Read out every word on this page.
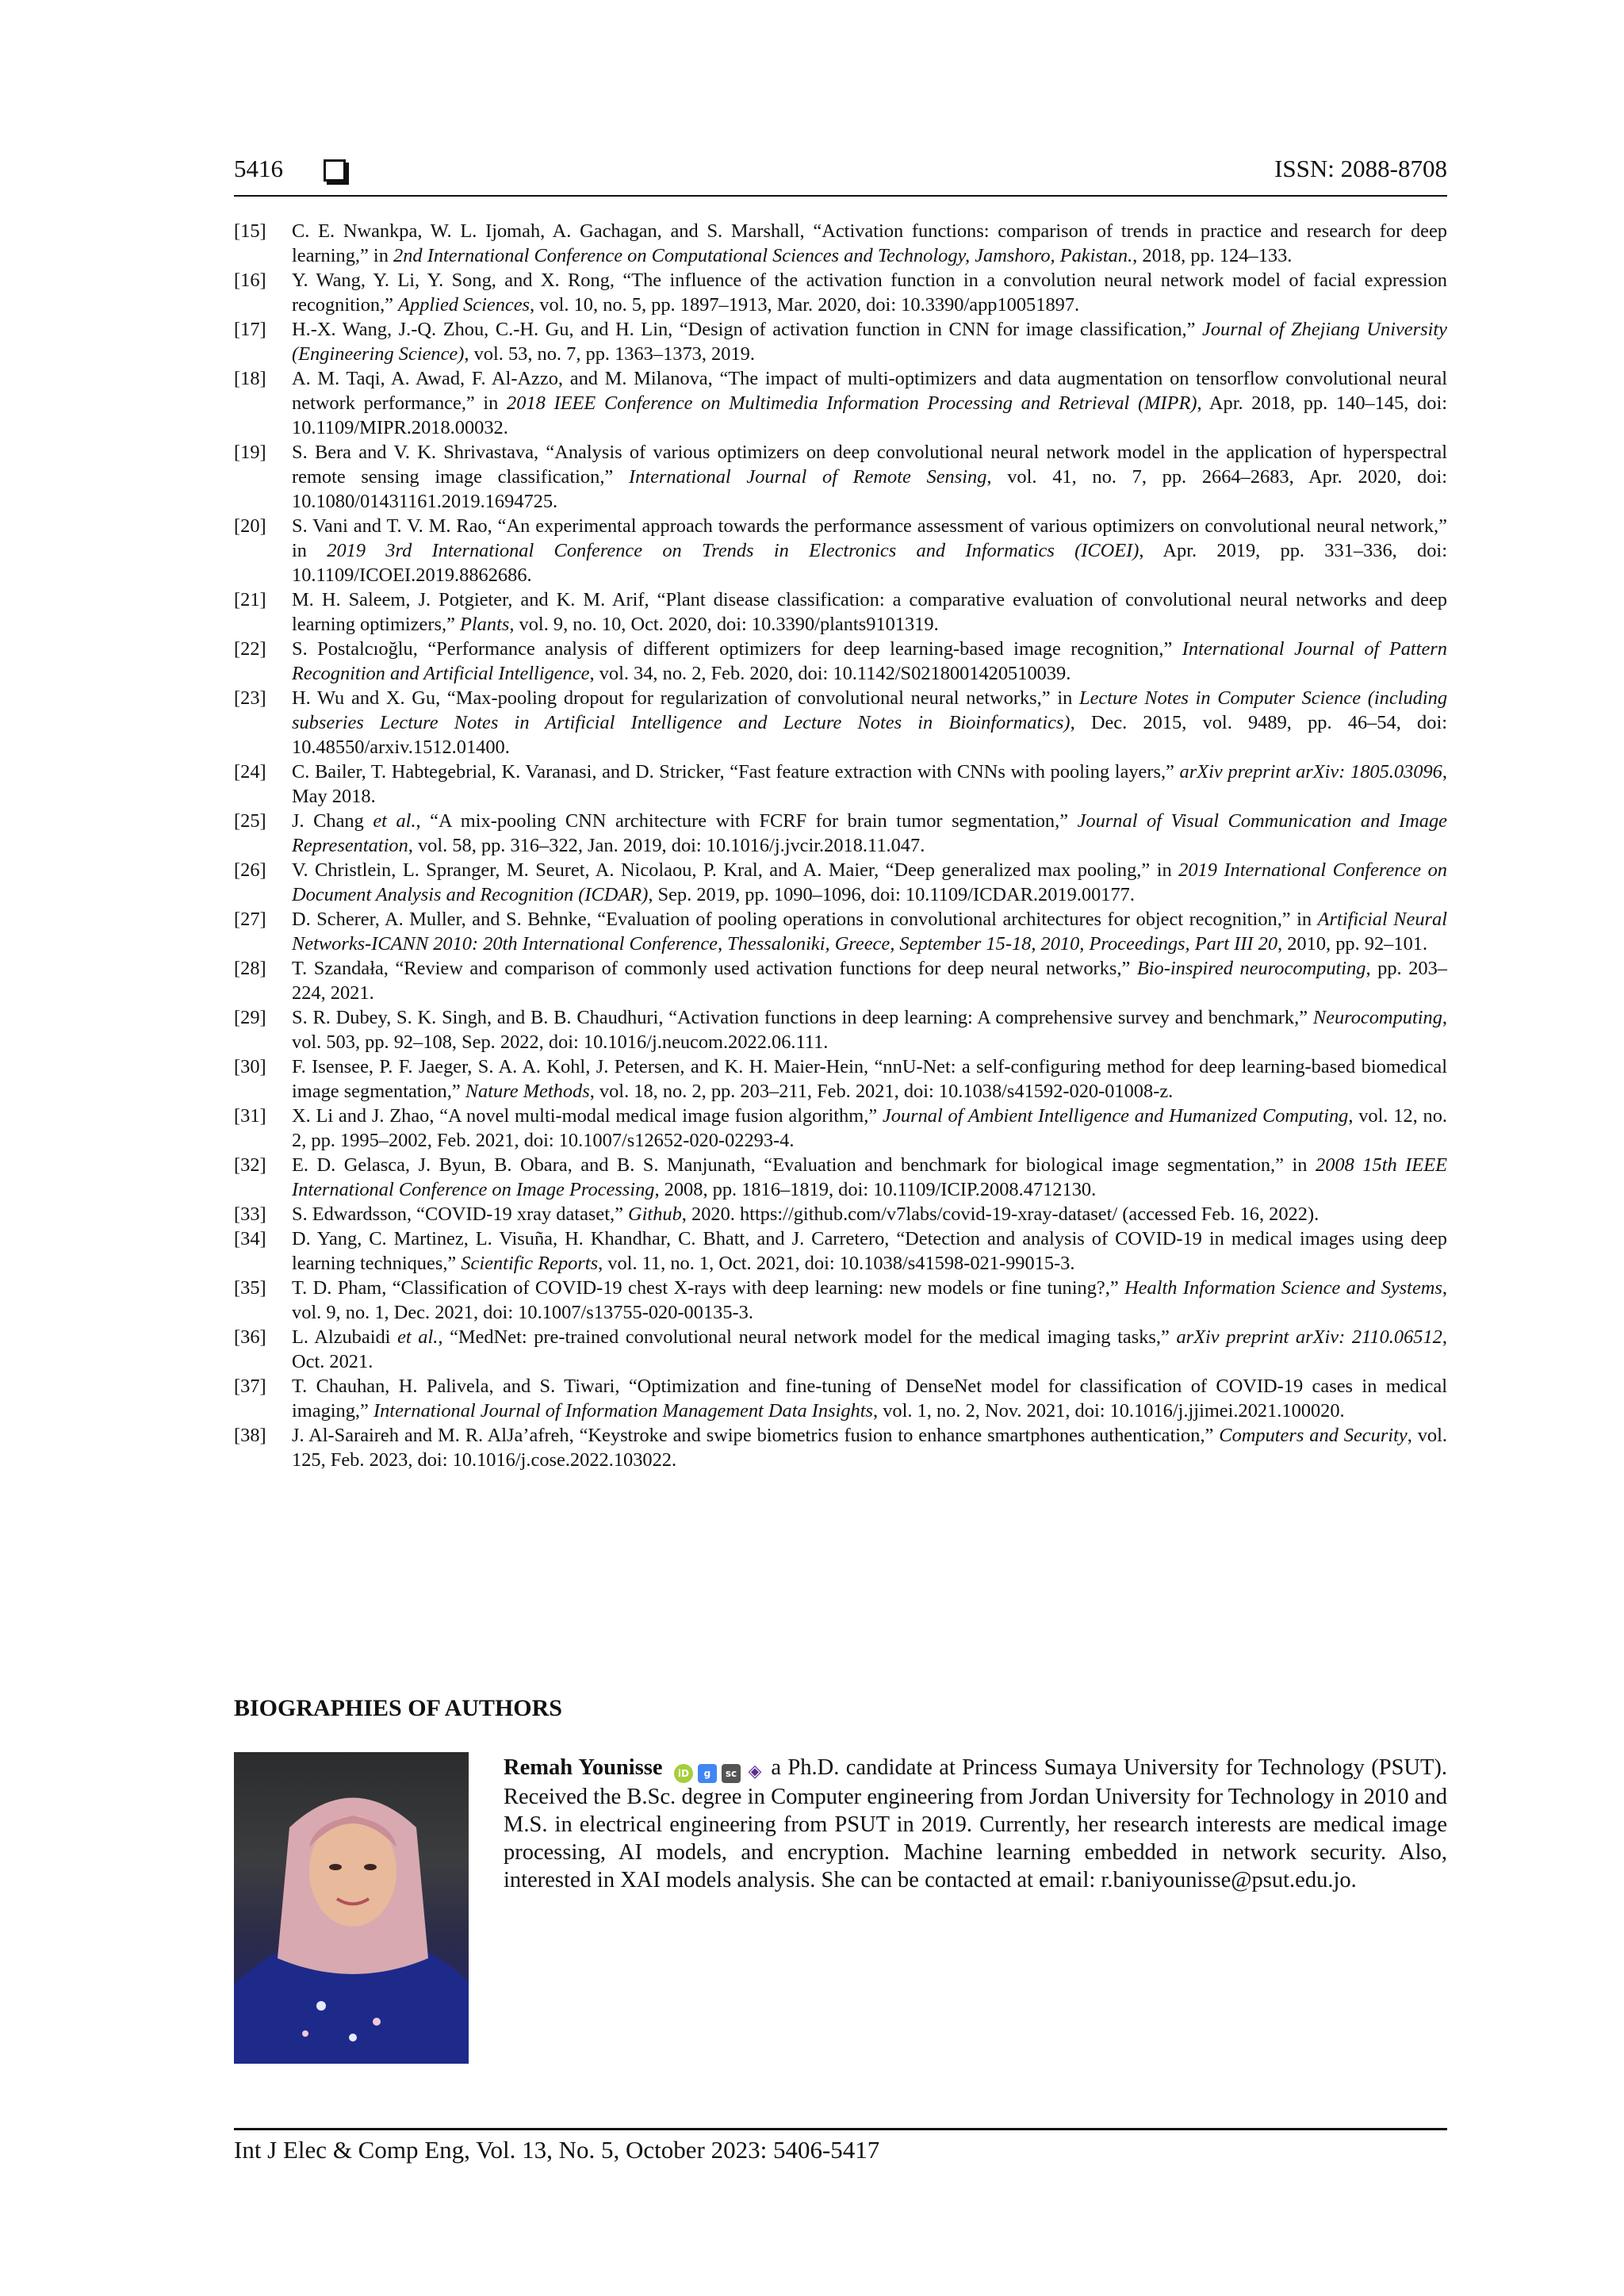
5416	ISSN: 2088-8708
[15]	C. E. Nwankpa, W. L. Ijomah, A. Gachagan, and S. Marshall, “Activation functions: comparison of trends in practice and research for deep learning,” in 2nd International Conference on Computational Sciences and Technology, Jamshoro, Pakistan., 2018, pp. 124–133.
[16]	Y. Wang, Y. Li, Y. Song, and X. Rong, “The influence of the activation function in a convolution neural network model of facial expression recognition,” Applied Sciences, vol. 10, no. 5, pp. 1897–1913, Mar. 2020, doi: 10.3390/app10051897.
[17]	H.-X. Wang, J.-Q. Zhou, C.-H. Gu, and H. Lin, “Design of activation function in CNN for image classification,” Journal of Zhejiang University (Engineering Science), vol. 53, no. 7, pp. 1363–1373, 2019.
[18]	A. M. Taqi, A. Awad, F. Al-Azzo, and M. Milanova, “The impact of multi-optimizers and data augmentation on tensorflow convolutional neural network performance,” in 2018 IEEE Conference on Multimedia Information Processing and Retrieval (MIPR), Apr. 2018, pp. 140–145, doi: 10.1109/MIPR.2018.00032.
[19]	S. Bera and V. K. Shrivastava, “Analysis of various optimizers on deep convolutional neural network model in the application of hyperspectral remote sensing image classification,” International Journal of Remote Sensing, vol. 41, no. 7, pp. 2664–2683, Apr. 2020, doi: 10.1080/01431161.2019.1694725.
[20]	S. Vani and T. V. M. Rao, “An experimental approach towards the performance assessment of various optimizers on convolutional neural network,” in 2019 3rd International Conference on Trends in Electronics and Informatics (ICOEI), Apr. 2019, pp. 331–336, doi: 10.1109/ICOEI.2019.8862686.
[21]	M. H. Saleem, J. Potgieter, and K. M. Arif, “Plant disease classification: a comparative evaluation of convolutional neural networks and deep learning optimizers,” Plants, vol. 9, no. 10, Oct. 2020, doi: 10.3390/plants9101319.
[22]	S. Postalcıoğlu, “Performance analysis of different optimizers for deep learning-based image recognition,” International Journal of Pattern Recognition and Artificial Intelligence, vol. 34, no. 2, Feb. 2020, doi: 10.1142/S0218001420510039.
[23]	H. Wu and X. Gu, “Max-pooling dropout for regularization of convolutional neural networks,” in Lecture Notes in Computer Science (including subseries Lecture Notes in Artificial Intelligence and Lecture Notes in Bioinformatics), Dec. 2015, vol. 9489, pp. 46–54, doi: 10.48550/arxiv.1512.01400.
[24]	C. Bailer, T. Habtegebrial, K. Varanasi, and D. Stricker, “Fast feature extraction with CNNs with pooling layers,” arXiv preprint arXiv: 1805.03096, May 2018.
[25]	J. Chang et al., “A mix-pooling CNN architecture with FCRF for brain tumor segmentation,” Journal of Visual Communication and Image Representation, vol. 58, pp. 316–322, Jan. 2019, doi: 10.1016/j.jvcir.2018.11.047.
[26]	V. Christlein, L. Spranger, M. Seuret, A. Nicolaou, P. Kral, and A. Maier, “Deep generalized max pooling,” in 2019 International Conference on Document Analysis and Recognition (ICDAR), Sep. 2019, pp. 1090–1096, doi: 10.1109/ICDAR.2019.00177.
[27]	D. Scherer, A. Muller, and S. Behnke, “Evaluation of pooling operations in convolutional architectures for object recognition,” in Artificial Neural Networks-ICANN 2010: 20th International Conference, Thessaloniki, Greece, September 15-18, 2010, Proceedings, Part III 20, 2010, pp. 92–101.
[28]	T. Szandała, “Review and comparison of commonly used activation functions for deep neural networks,” Bio-inspired neurocomputing, pp. 203–224, 2021.
[29]	S. R. Dubey, S. K. Singh, and B. B. Chaudhuri, “Activation functions in deep learning: A comprehensive survey and benchmark,” Neurocomputing, vol. 503, pp. 92–108, Sep. 2022, doi: 10.1016/j.neucom.2022.06.111.
[30]	F. Isensee, P. F. Jaeger, S. A. A. Kohl, J. Petersen, and K. H. Maier-Hein, “nnU-Net: a self-configuring method for deep learning-based biomedical image segmentation,” Nature Methods, vol. 18, no. 2, pp. 203–211, Feb. 2021, doi: 10.1038/s41592-020-01008-z.
[31]	X. Li and J. Zhao, “A novel multi-modal medical image fusion algorithm,” Journal of Ambient Intelligence and Humanized Computing, vol. 12, no. 2, pp. 1995–2002, Feb. 2021, doi: 10.1007/s12652-020-02293-4.
[32]	E. D. Gelasca, J. Byun, B. Obara, and B. S. Manjunath, “Evaluation and benchmark for biological image segmentation,” in 2008 15th IEEE International Conference on Image Processing, 2008, pp. 1816–1819, doi: 10.1109/ICIP.2008.4712130.
[33]	S. Edwardsson, “COVID-19 xray dataset,” Github, 2020. https://github.com/v7labs/covid-19-xray-dataset/ (accessed Feb. 16, 2022).
[34]	D. Yang, C. Martinez, L. Visuña, H. Khandhar, C. Bhatt, and J. Carretero, “Detection and analysis of COVID-19 in medical images using deep learning techniques,” Scientific Reports, vol. 11, no. 1, Oct. 2021, doi: 10.1038/s41598-021-99015-3.
[35]	T. D. Pham, “Classification of COVID-19 chest X-rays with deep learning: new models or fine tuning?,” Health Information Science and Systems, vol. 9, no. 1, Dec. 2021, doi: 10.1007/s13755-020-00135-3.
[36]	L. Alzubaidi et al., “MedNet: pre-trained convolutional neural network model for the medical imaging tasks,” arXiv preprint arXiv: 2110.06512, Oct. 2021.
[37]	T. Chauhan, H. Palivela, and S. Tiwari, “Optimization and fine-tuning of DenseNet model for classification of COVID-19 cases in medical imaging,” International Journal of Information Management Data Insights, vol. 1, no. 2, Nov. 2021, doi: 10.1016/j.jjimei.2021.100020.
[38]	J. Al-Saraireh and M. R. AlJa’afreh, “Keystroke and swipe biometrics fusion to enhance smartphones authentication,” Computers and Security, vol. 125, Feb. 2023, doi: 10.1016/j.cose.2022.103022.
BIOGRAPHIES OF AUTHORS
Remah Younisse iD g sc ◈ a Ph.D. candidate at Princess Sumaya University for Technology (PSUT). Received the B.Sc. degree in Computer engineering from Jordan University for Technology in 2010 and M.S. in electrical engineering from PSUT in 2019. Currently, her research interests are medical image processing, AI models, and encryption. Machine learning embedded in network security. Also, interested in XAI models analysis. She can be contacted at email: r.baniyounisse@psut.edu.jo.
Int J Elec & Comp Eng, Vol. 13, No. 5, October 2023: 5406-5417
